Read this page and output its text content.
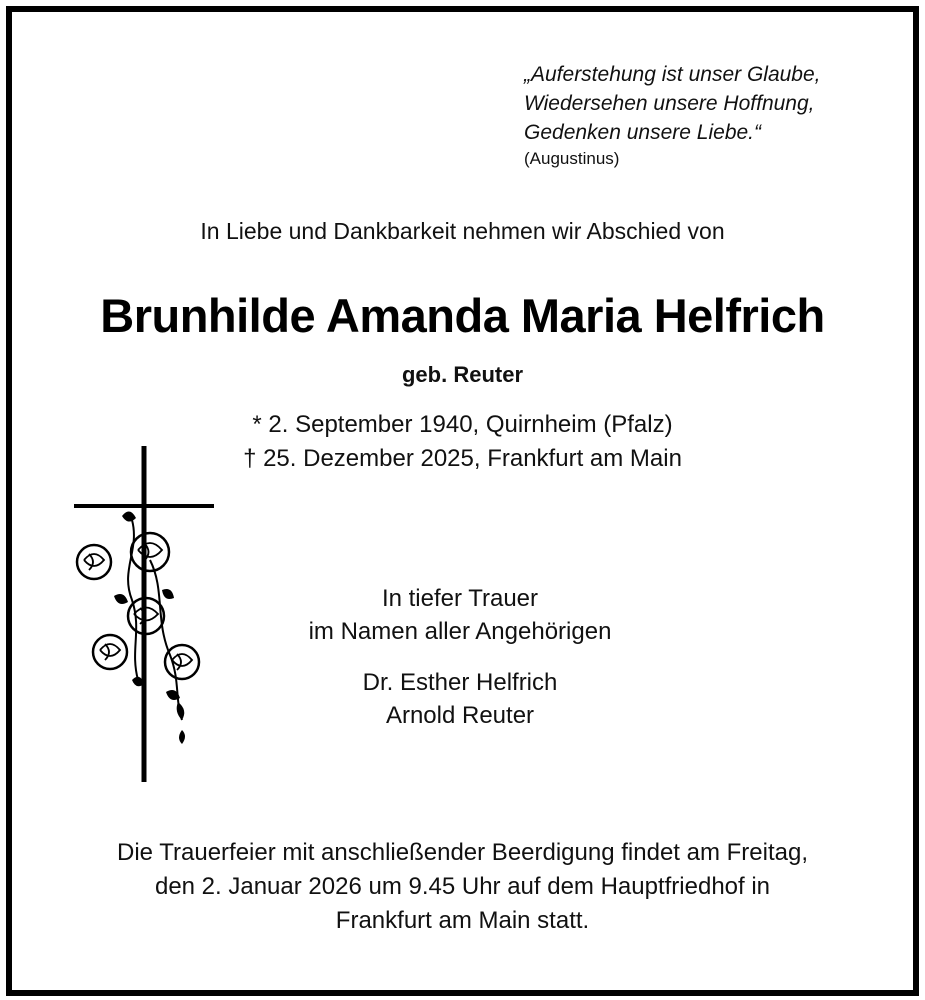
„Auferstehung ist unser Glaube,
Wiedersehen unsere Hoffnung,
Gedenken unsere Liebe.“
(Augustinus)
In Liebe und Dankbarkeit nehmen wir Abschied von
Brunhilde Amanda Maria Helfrich
geb. Reuter
* 2. September 1940, Quirnheim (Pfalz)
† 25. Dezember 2025, Frankfurt am Main
In tiefer Trauer
im Namen aller Angehörigen
Dr. Esther Helfrich
Arnold Reuter
Die Trauerfeier mit anschließender Beerdigung findet am Freitag,
den 2. Januar 2026 um 9.45 Uhr auf dem Hauptfriedhof in
Frankfurt am Main statt.
